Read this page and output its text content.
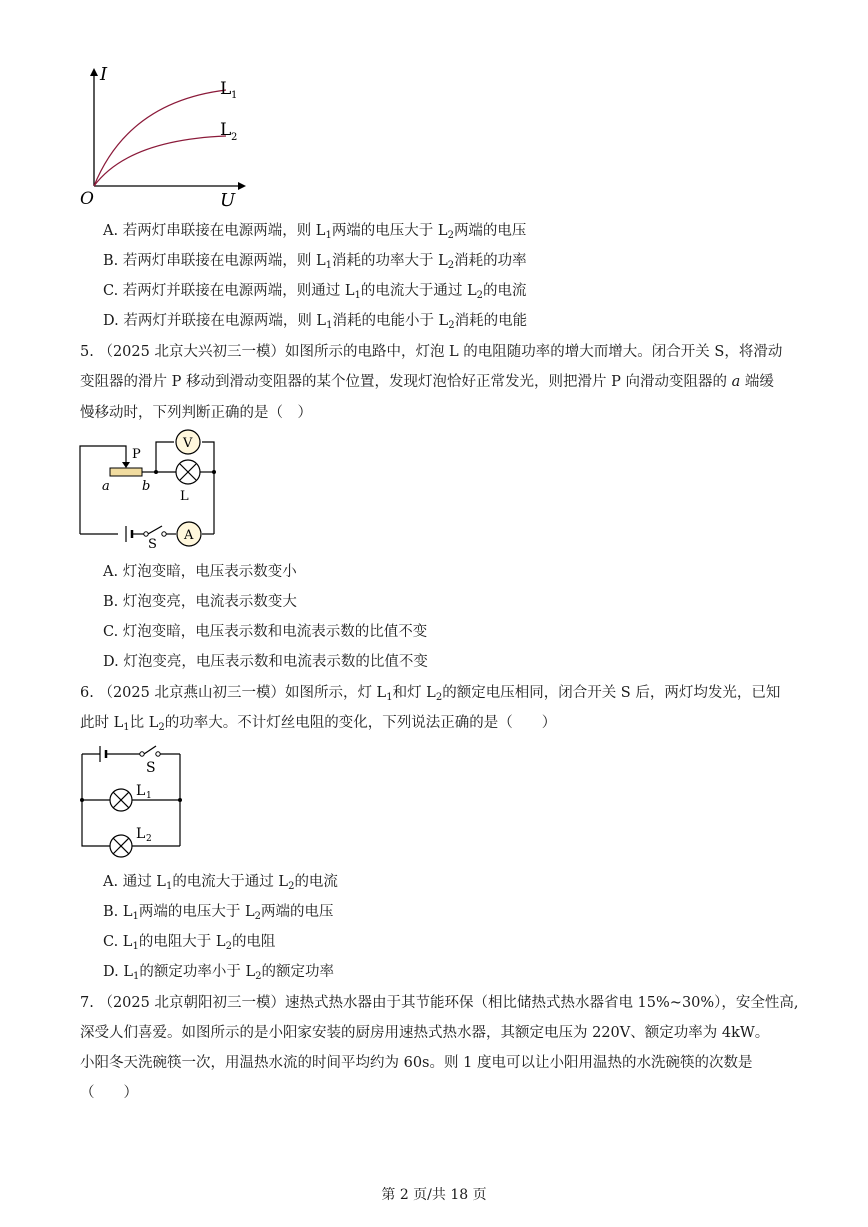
I
U
O
L 1
L 2
A. 若两灯串联接在电源两端，则 $L_1$两端的电压大于 $L_2$两端的电压
B. 若两灯串联接在电源两端，则 $L_1$消耗的功率大于 $L_2$消耗的功率
C. 若两灯并联接在电源两端，则通过 $L_1$的电流大于通过 $L_2$的电流
D. 若两灯并联接在电源两端，则 $L_1$消耗的电能小于 $L_2$消耗的电能
5. （2025 北京大兴初三一模）如图所示的电路中，灯泡 L 的电阻随功率的增大而增大。闭合开关 S，将滑动
变阻器的滑片 P 移动到滑动变阻器的某个位置，发现灯泡恰好正常发光，则把滑片 P 向滑动变阻器的 a 端缓
慢移动时，下列判断正确的是（　）
V
A
P
a b
L
S
A. 灯泡变暗，电压表示数变小
B. 灯泡变亮，电流表示数变大
C. 灯泡变暗，电压表示数和电流表示数的比值不变
D. 灯泡变亮，电压表示数和电流表示数的比值不变
6. （2025 北京燕山初三一模）如图所示，灯 $L_1$和灯 $L_2$的额定电压相同，闭合开关 S 后，两灯均发光，已知
此时 $L_1$比 $L_2$的功率大。不计灯丝电阻的变化，下列说法正确的是（　　）
S
L 1
L 2
A. 通过 $L_1$的电流大于通过 $L_2$的电流
B. $L_1$两端的电压大于 $L_2$两端的电压
C. $L_1$的电阻大于 $L_2$的电阻
D. $L_1$的额定功率小于 $L_2$的额定功率
7. （2025 北京朝阳初三一模）速热式热水器由于其节能环保（相比储热式热水器省电 15%~30%），安全性高,
深受人们喜爱。如图所示的是小阳家安装的厨房用速热式热水器，其额定电压为 220V、额定功率为 4kW。
小阳冬天洗碗筷一次，用温热水流的时间平均约为 60s。则 1 度电可以让小阳用温热的水洗碗筷的次数是
（　　）
第 2 页/共 18 页
